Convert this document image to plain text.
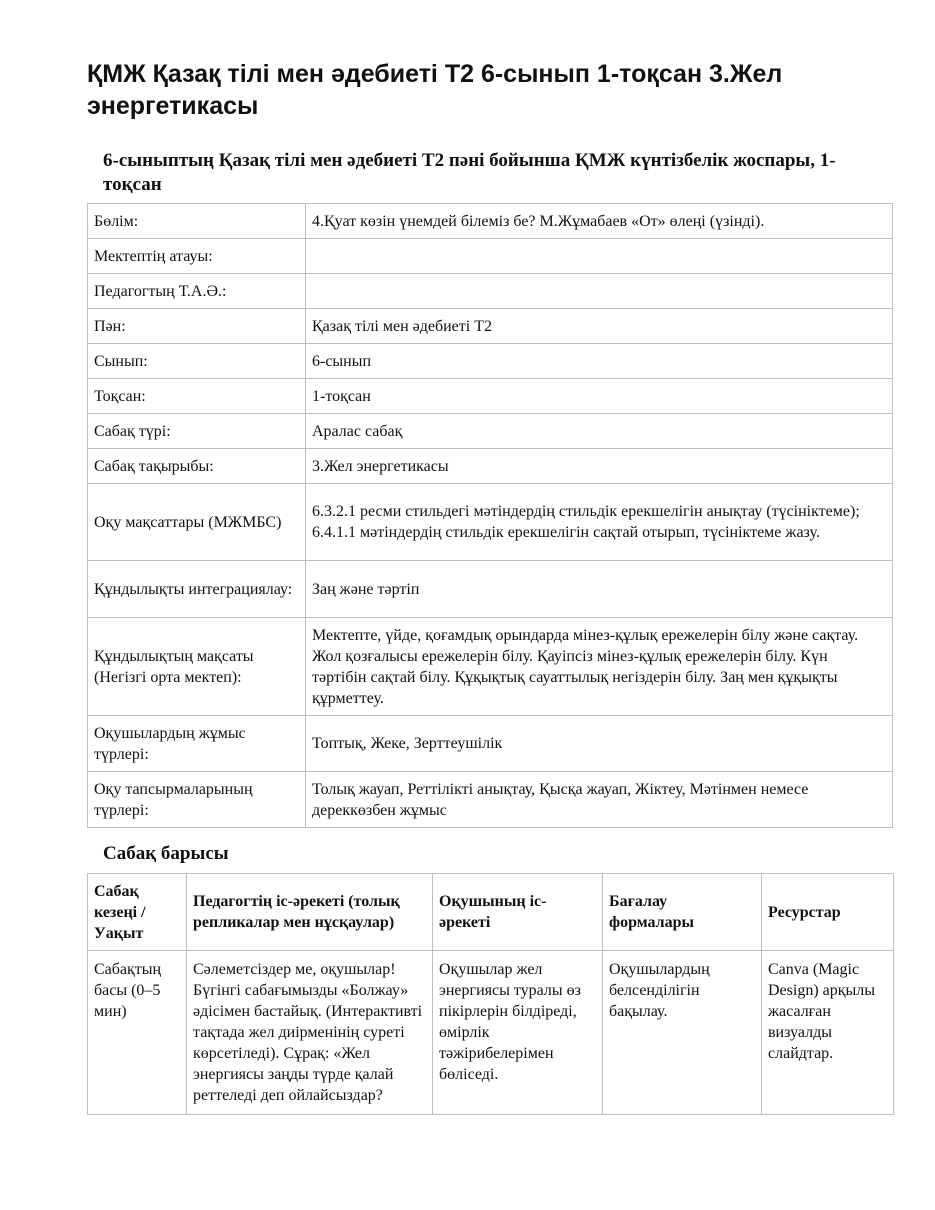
ҚМЖ Қазақ тілі мен әдебиеті Т2 6-сынып 1-тоқсан 3.Жел энергетикасы
6-сыныптың Қазақ тілі мен әдебиеті Т2 пәні бойынша ҚМЖ күнтізбелік жоспары, 1-тоқсан
Бөлім:	4.Қуат көзін үнемдей білеміз бе? М.Жұмабаев «От» өлеңі (үзінді).
Мектептің атауы:	
Педагогтың Т.А.Ә.:	
Пән:	Қазақ тілі мен әдебиеті Т2
Сынып:	6-сынып
Тоқсан:	1-тоқсан
Сабақ түрі:	Аралас сабақ
Сабақ тақырыбы:	3.Жел энергетикасы
Оқу мақсаттары (МЖМБС)	6.3.2.1 ресми стильдегі мәтіндердің стильдік ерекшелігін анықтау (түсініктеме); 6.4.1.1 мәтіндердің стильдік ерекшелігін сақтай отырып, түсініктеме жазу.
Құндылықты интеграциялау:	Заң және тәртіп
Құндылықтың мақсаты (Негізгі орта мектеп):	Мектепте, үйде, қоғамдық орындарда мінез-құлық ережелерін білу және сақтау. Жол қозғалысы ережелерін білу. Қауіпсіз мінез-құлық ережелерін білу. Күн тәртібін сақтай білу. Құқықтық сауаттылық негіздерін білу. Заң мен құқықты құрметтеу.
Оқушылардың жұмыс түрлері:	Топтық, Жеке, Зерттеушілік
Оқу тапсырмаларының түрлері:	Толық жауап, Реттілікті анықтау, Қысқа жауап, Жіктеу, Мәтінмен немесе дереккөзбен жұмыс
Сабақ барысы
Сабақ кезеңі / Уақыт	Педагогтің іс-әрекеті (толық репликалар мен нұсқаулар)	Оқушының іс-әрекеті	Бағалау формалары	Ресурстар
Сабақтың басы (0–5 мин)	Сәлеметсіздер ме, оқушылар! Бүгінгі сабағымызды «Болжау» әдісімен бастайық. (Интерактивті тақтада жел диірменінің суреті көрсетіледі). Сұрақ: «Жел энергиясы заңды түрде қалай реттеледі деп ойлайсыздар?	Оқушылар жел энергиясы туралы өз пікірлерін білдіреді, өмірлік тәжірибелерімен бөліседі.	Оқушылардың белсенділігін бақылау.	Canva (Magic Design) арқылы жасалған визуалды слайдтар.
